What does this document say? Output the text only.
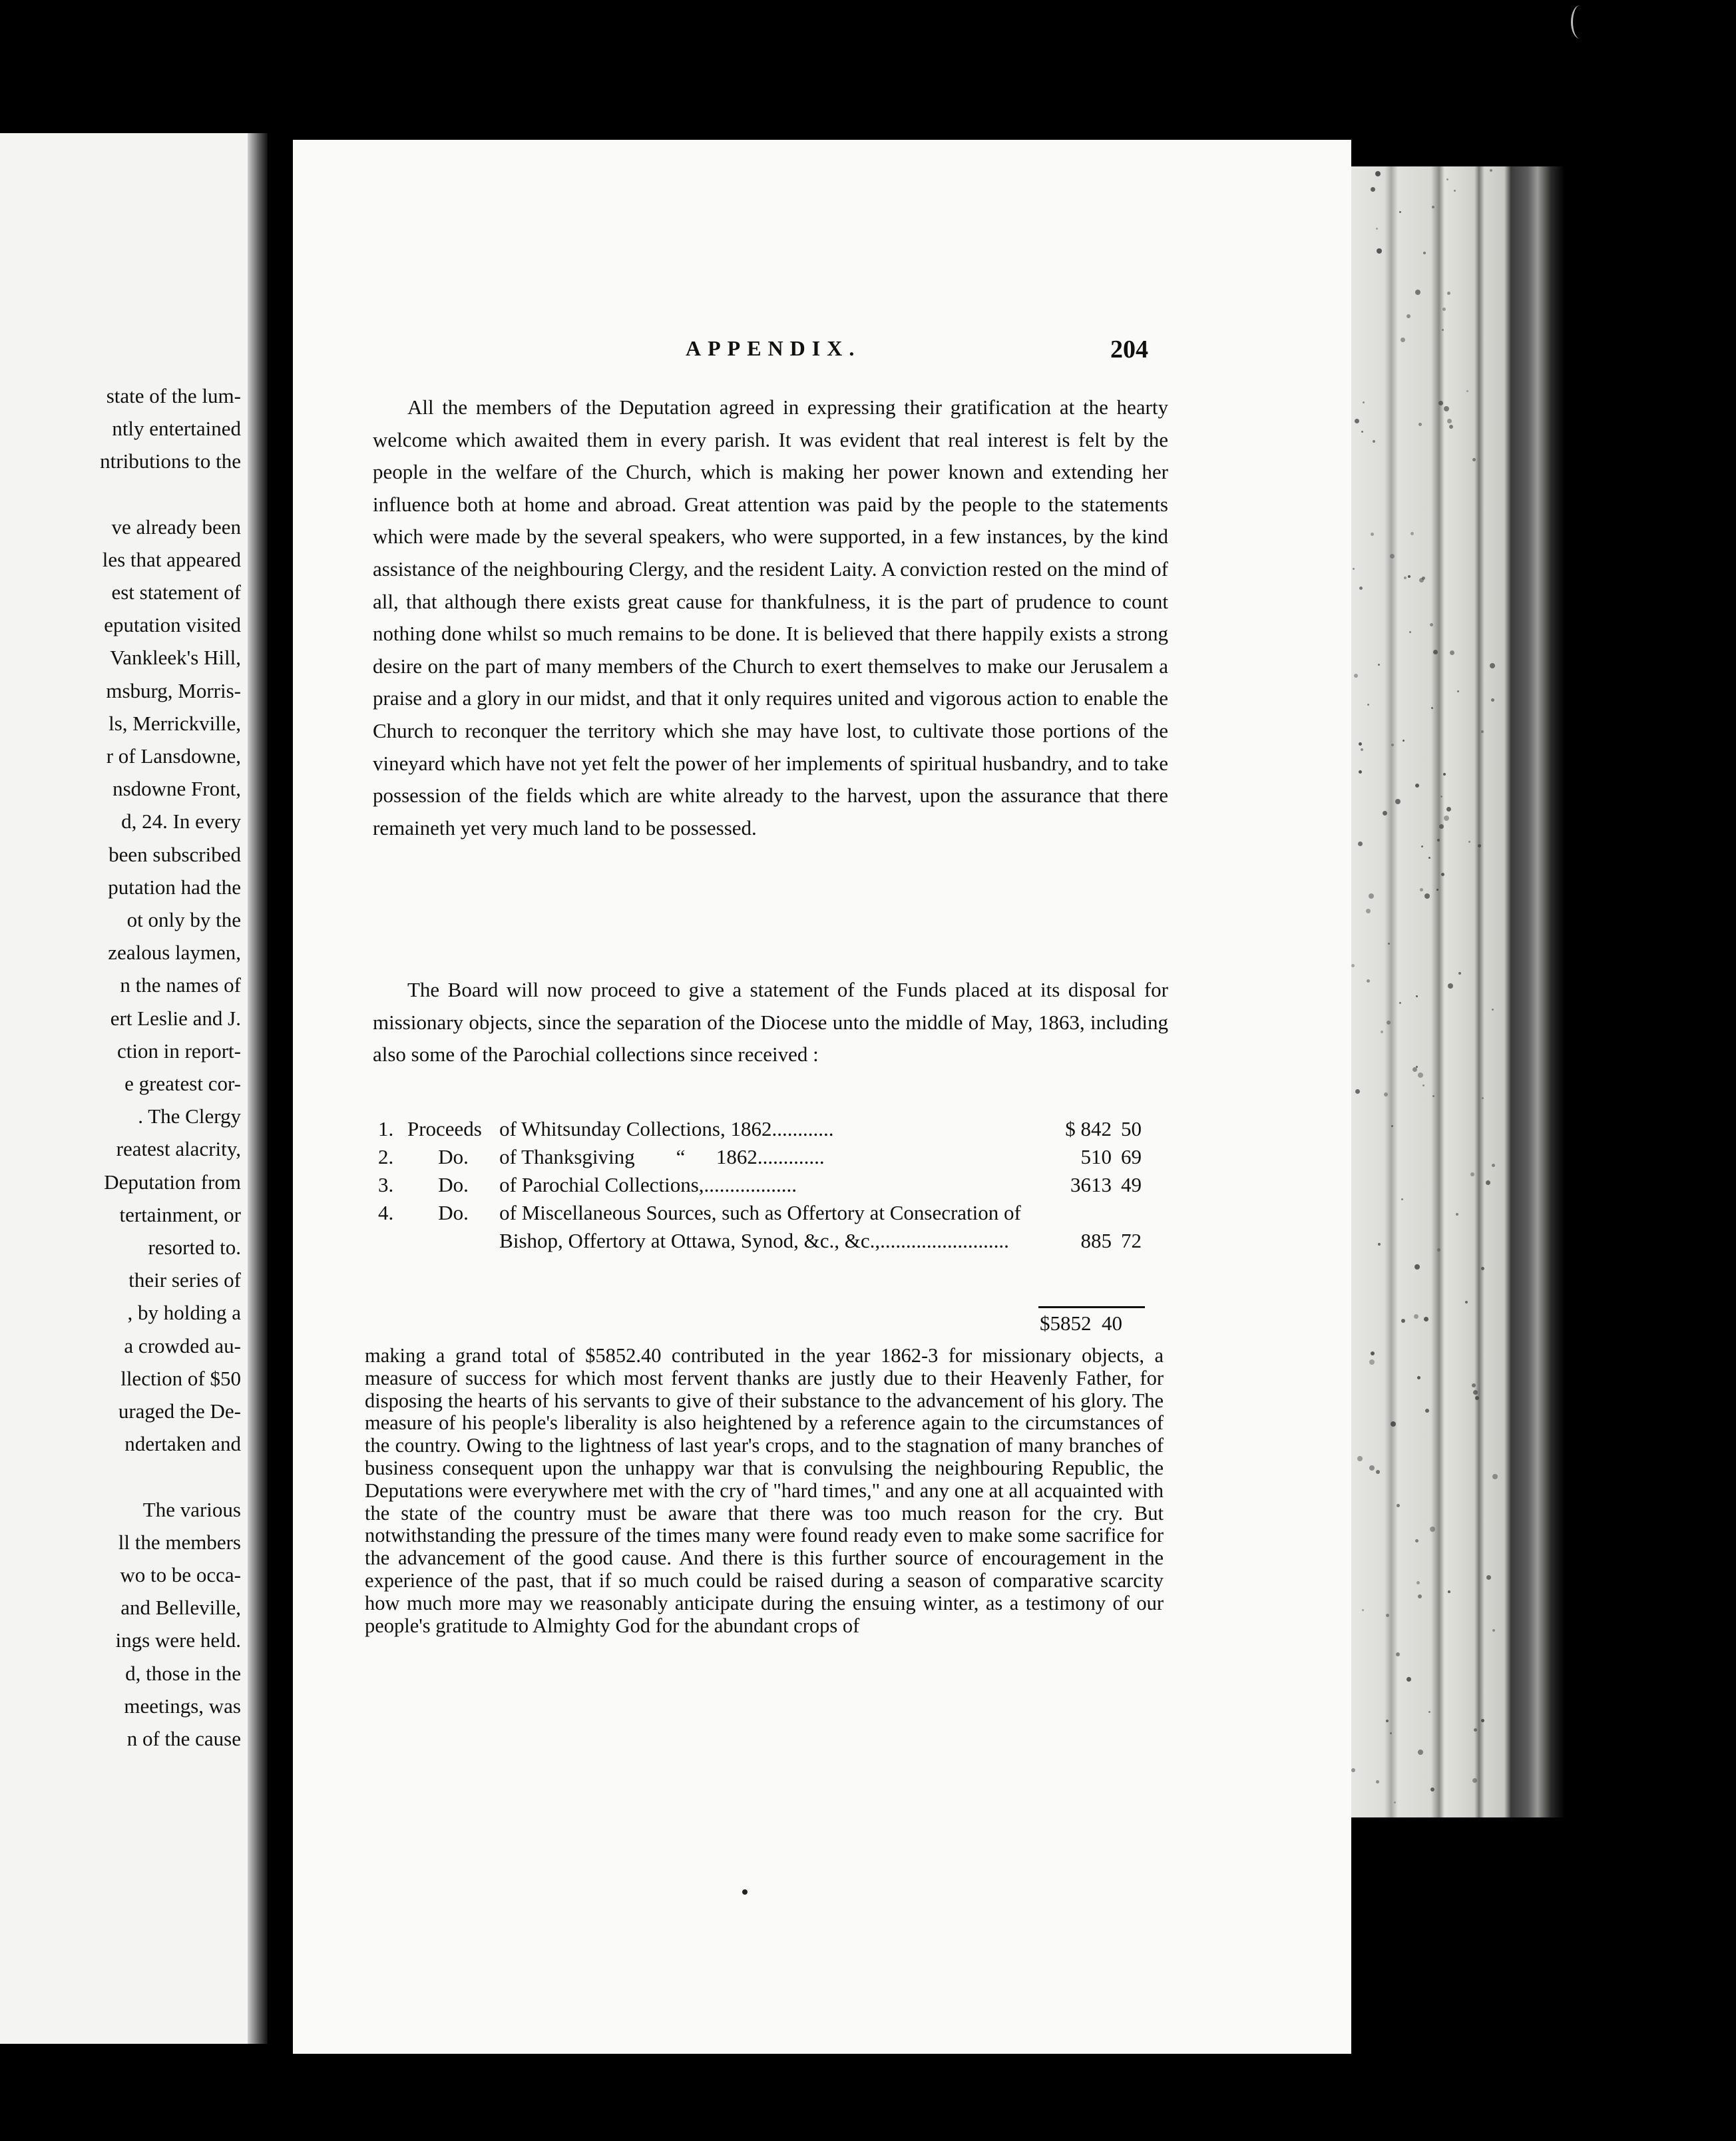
state of the lum-
ntly entertained
ntributions to the
ve already been
les that appeared
est statement of
eputation visited
Vankleek's Hill,
msburg, Morris-
ls, Merrickville,
r of Lansdowne,
nsdowne Front,
d, 24. In every
been subscribed
putation had the
ot only by the
zealous laymen,
n the names of
ert Leslie and J.
ction in report-
e greatest cor-
. The Clergy
reatest alacrity,
Deputation from
tertainment, or
resorted to.
their series of
, by holding a
a crowded au-
llection of $50
uraged the De-
ndertaken and
The various
ll the members
wo to be occa-
and Belleville,
ings were held.
d, those in the
meetings, was
n of the cause
APPENDIX.	204

All the members of the Deputation agreed in expressing their gratification at the hearty welcome which awaited them in every parish. It was evident that real interest is felt by the people in the welfare of the Church, which is making her power known and extending her influence both at home and abroad. Great attention was paid by the people to the statements which were made by the several speakers, who were supported, in a few instances, by the kind assistance of the neighbouring Clergy, and the resident Laity. A conviction rested on the mind of all, that although there exists great cause for thankfulness, it is the part of prudence to count nothing done whilst so much remains to be done. It is believed that there happily exists a strong desire on the part of many members of the Church to exert themselves to make our Jerusalem a praise and a glory in our midst, and that it only requires united and vigorous action to enable the Church to reconquer the territory which she may have lost, to cultivate those portions of the vineyard which have not yet felt the power of her implements of spiritual husbandry, and to take possession of the fields which are white already to the harvest, upon the assurance that there remaineth yet very much land to be possessed.

The Board will now proceed to give a statement of the Funds placed at its disposal for missionary objects, since the separation of the Diocese unto the middle of May, 1863, including also some of the Parochial collections since received :

1.	Proceeds	of Whitsunday Collections, 1862............	$ 842	50
2.	Do.	of Thanksgiving        “      1862.............	510	69
3.	Do.	of Parochial Collections,..................	3613	49
4.	Do.	of Miscellaneous Sources, such as Offertory at Consecration of Bishop, Offertory at Ottawa, Synod, &c., &c.,.........................	885	72
$5852 40

making a grand total of $5852.40 contributed in the year 1862-3 for missionary objects, a measure of success for which most fervent thanks are justly due to their Heavenly Father, for disposing the hearts of his servants to give of their substance to the advancement of his glory. The measure of his people's liberality is also heightened by a reference again to the circumstances of the country. Owing to the lightness of last year's crops, and to the stagnation of many branches of business consequent upon the unhappy war that is convulsing the neighbouring Republic, the Deputations were everywhere met with the cry of "hard times," and any one at all acquainted with the state of the country must be aware that there was too much reason for the cry. But notwithstanding the pressure of the times many were found ready even to make some sacrifice for the advancement of the good cause. And there is this further source of encouragement in the experience of the past, that if so much could be raised during a season of comparative scarcity how much more may we reasonably anticipate during the ensuing winter, as a testimony of our people's gratitude to Almighty God for the abundant crops of
